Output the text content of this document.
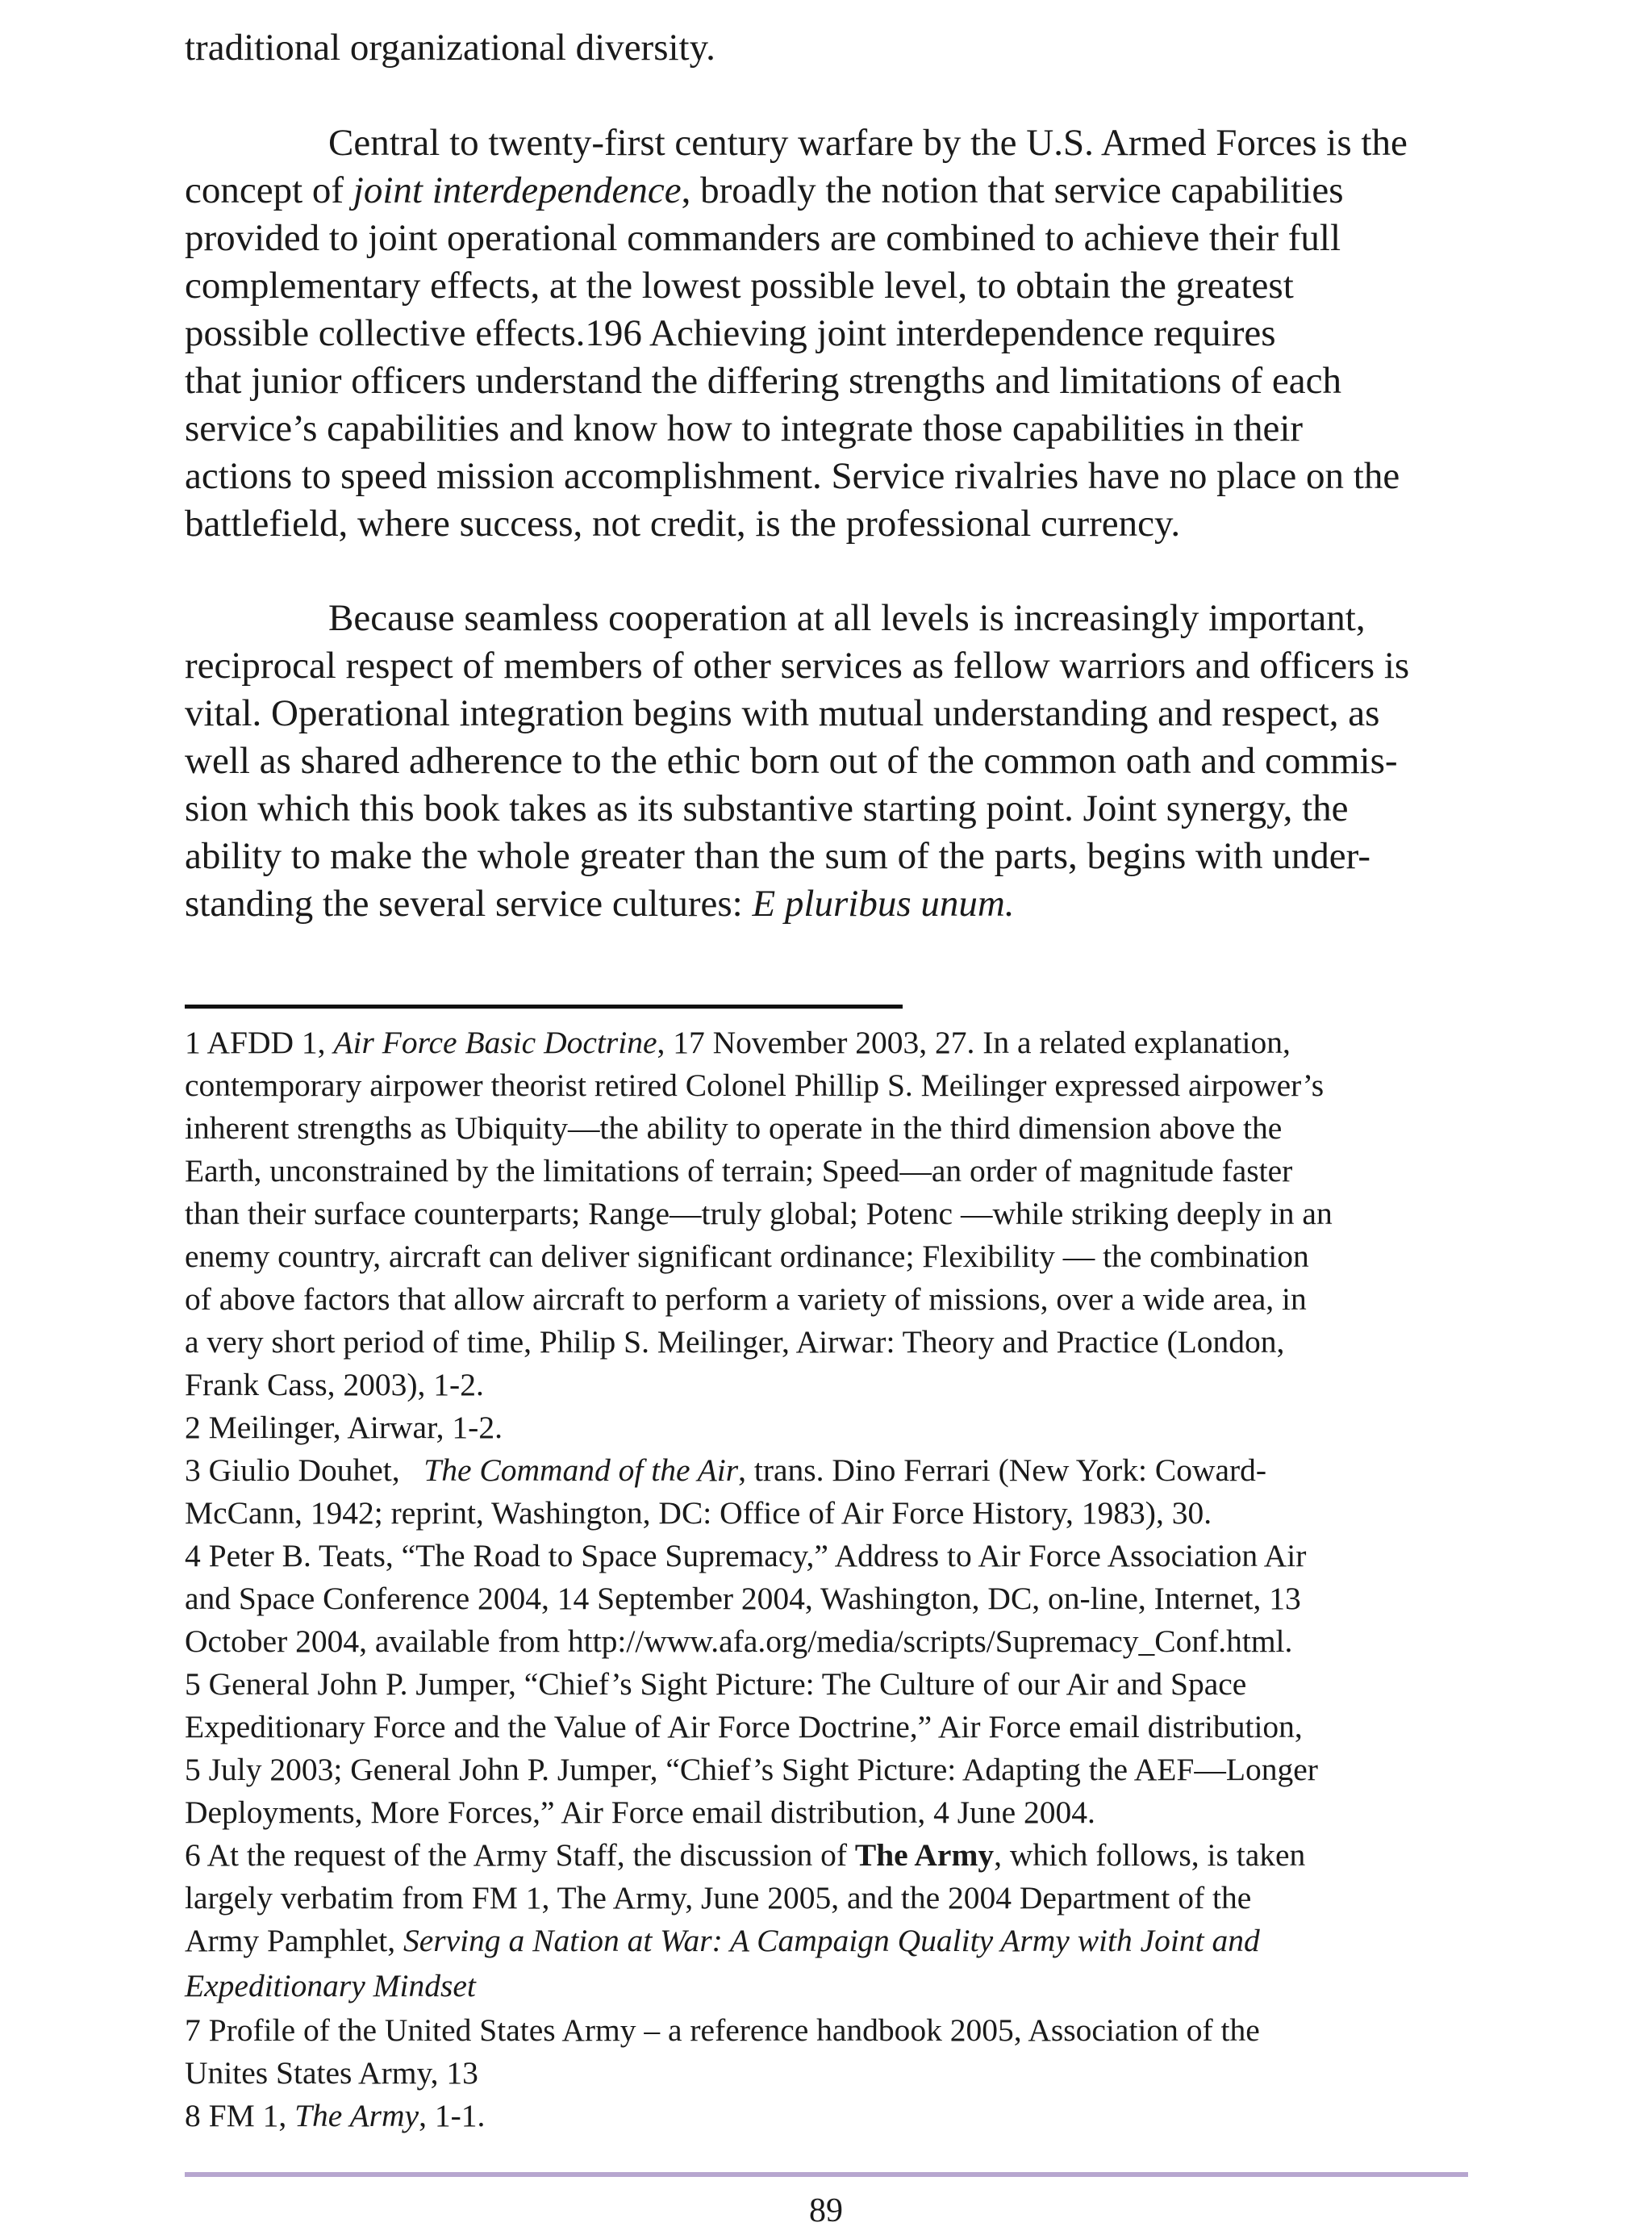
traditional organizational diversity.

Central to twenty-first century warfare by the U.S. Armed Forces is the

concept of joint interdependence, broadly the notion that service capabilities

provided to joint operational commanders are combined to achieve their full

complementary effects, at the lowest possible level, to obtain the greatest

possible collective effects.196 Achieving joint interdependence requires

that junior officers understand the differing strengths and limitations of each

service’s capabilities and know how to integrate those capabilities in their

actions to speed mission accomplishment. Service rivalries have no place on the

battlefield, where success, not credit, is the professional currency.

Because seamless cooperation at all levels is increasingly important,

reciprocal respect of members of other services as fellow warriors and officers is

vital. Operational integration begins with mutual understanding and respect, as

well as shared adherence to the ethic born out of the common oath and commis-

sion which this book takes as its substantive starting point. Joint synergy, the

ability to make the whole greater than the sum of the parts, begins with under-

standing the several service cultures: E pluribus unum.

1 AFDD 1, Air Force Basic Doctrine, 17 November 2003, 27. In a related explanation,

contemporary airpower theorist retired Colonel Phillip S. Meilinger expressed airpower’s

inherent strengths as Ubiquity—the ability to operate in the third dimension above the

Earth, unconstrained by the limitations of terrain; Speed—an order of magnitude faster

than their surface counterparts; Range—truly global; Potenc —while striking deeply in an

enemy country, aircraft can deliver significant ordinance; Flexibility — the combination

of above factors that allow aircraft to perform a variety of missions, over a wide area, in

a very short period of time, Philip S. Meilinger, Airwar: Theory and Practice (London,

Frank Cass, 2003), 1-2.

2 Meilinger, Airwar, 1-2.

3 Giulio Douhet,   The Command of the Air, trans. Dino Ferrari (New York: Coward-

McCann, 1942; reprint, Washington, DC: Office of Air Force History, 1983), 30.

4 Peter B. Teats, “The Road to Space Supremacy,” Address to Air Force Association Air

and Space Conference 2004, 14 September 2004, Washington, DC, on-line, Internet, 13

October 2004, available from http://www.afa.org/media/scripts/Supremacy_Conf.html.

5 General John P. Jumper, “Chief’s Sight Picture: The Culture of our Air and Space

Expeditionary Force and the Value of Air Force Doctrine,” Air Force email distribution,

5 July 2003; General John P. Jumper, “Chief’s Sight Picture: Adapting the AEF—Longer

Deployments, More Forces,” Air Force email distribution, 4 June 2004.

6 At the request of the Army Staff, the discussion of The Army, which follows, is taken

largely verbatim from FM 1, The Army, June 2005, and the 2004 Department of the

Army Pamphlet, Serving a Nation at War: A Campaign Quality Army with Joint and

Expeditionary Mindset

7 Profile of the United States Army – a reference handbook 2005, Association of the

Unites States Army, 13

8 FM 1, The Army, 1-1.

89
